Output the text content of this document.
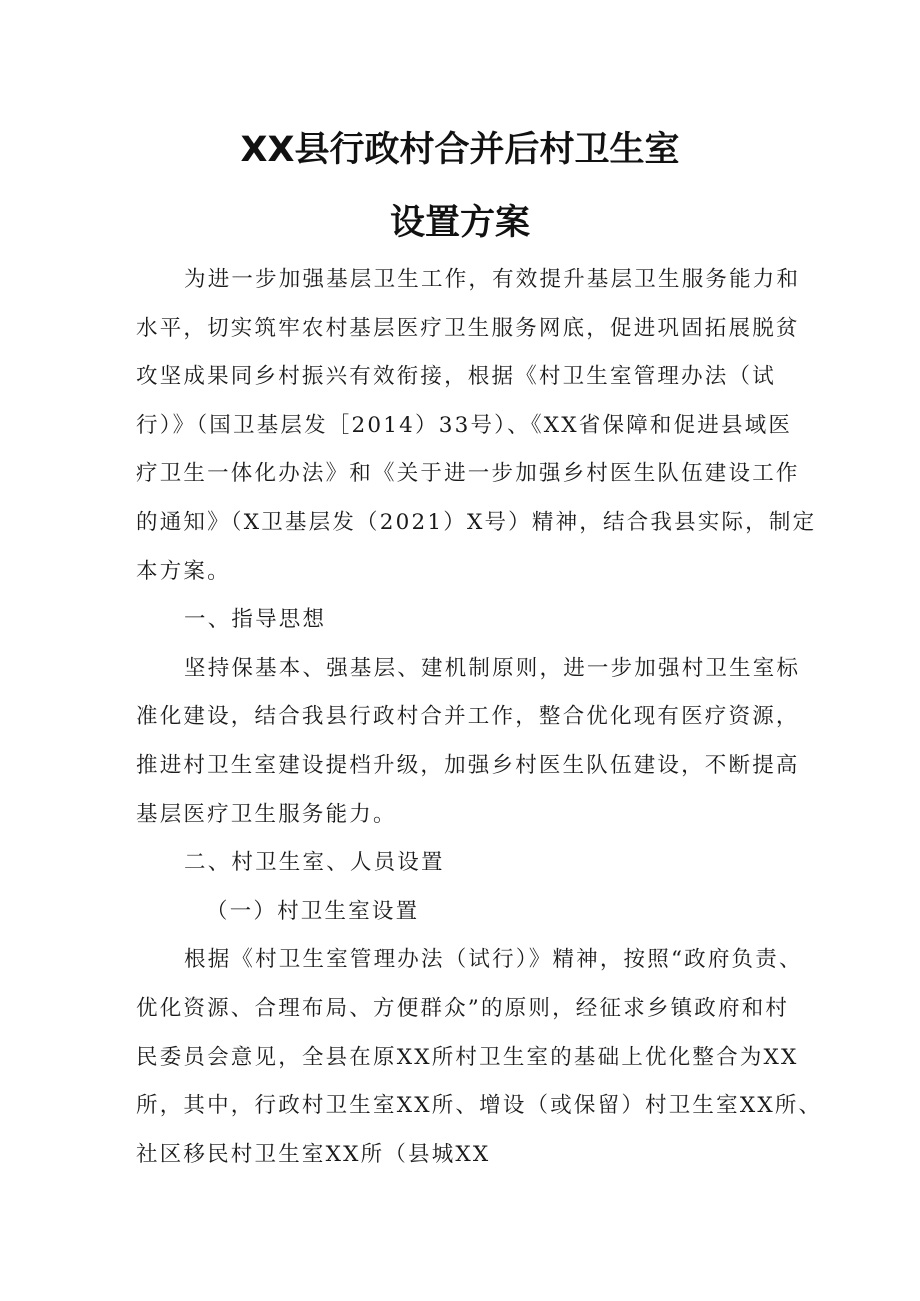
XX县行政村合并后村卫生室
设置方案
为进一步加强基层卫生工作，有效提升基层卫生服务能力和
水平，切实筑牢农村基层医疗卫生服务网底，促进巩固拓展脱贫
攻坚成果同乡村振兴有效衔接，根据《村卫生室管理办法（试
行）》（国卫基层发［2014）33号）、《XX省保障和促进县域医
疗卫生一体化办法》和《关于进一步加强乡村医生队伍建设工作
的通知》（X卫基层发（2021）X号）精神，结合我县实际，制定
本方案。
一、指导思想
坚持保基本、强基层、建机制原则，进一步加强村卫生室标
准化建设，结合我县行政村合并工作，整合优化现有医疗资源，
推进村卫生室建设提档升级，加强乡村医生队伍建设，不断提高
基层医疗卫生服务能力。
二、村卫生室、人员设置
（一）村卫生室设置
根据《村卫生室管理办法（试行）》精神，按照“政府负责、
优化资源、合理布局、方便群众”的原则，经征求乡镇政府和村
民委员会意见，全县在原XX所村卫生室的基础上优化整合为XX
所，其中，行政村卫生室XX所、增设（或保留）村卫生室XX所、
社区移民村卫生室XX所（县城XX
